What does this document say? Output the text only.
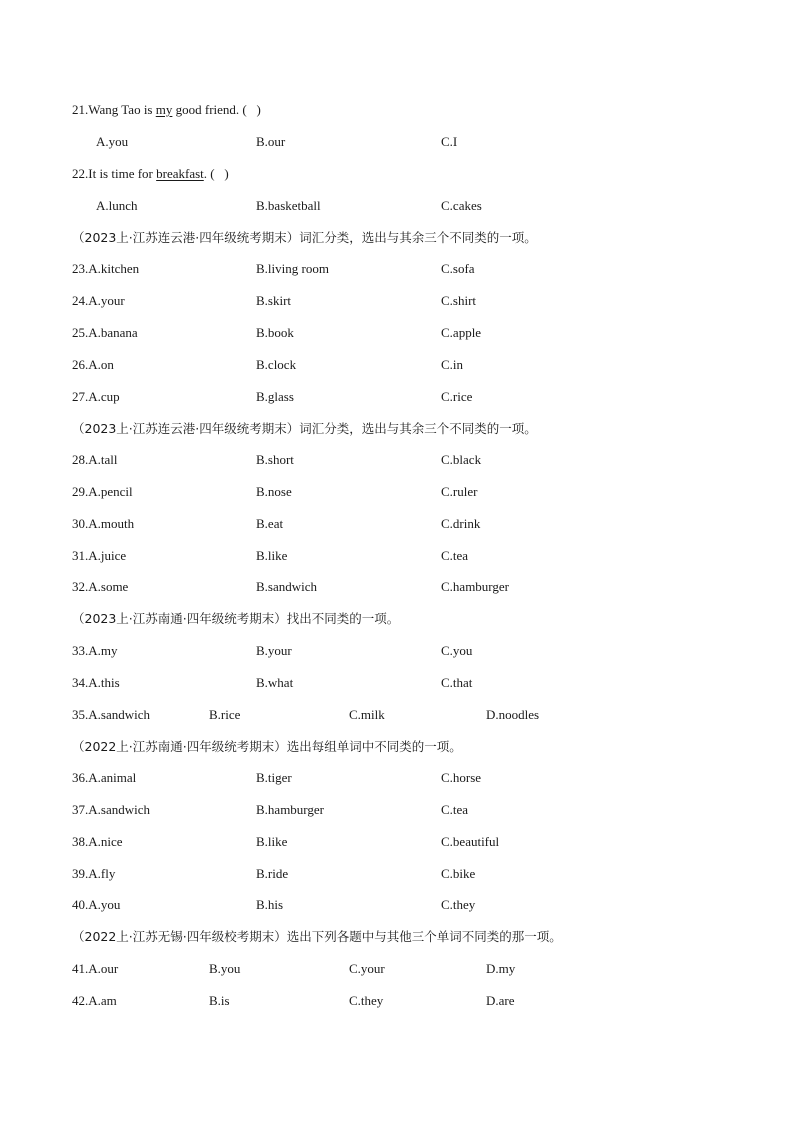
21.Wang Tao is my good friend. (   )
A.you	B.our	C.I
22.It is time for breakfast. (   )
A.lunch	B.basketball	C.cakes
（2023上·江苏连云港·四年级统考期末）词汇分类，选出与其余三个不同类的一项。
23.A.kitchen	B.living room	C.sofa
24.A.your	B.skirt	C.shirt
25.A.banana	B.book	C.apple
26.A.on	B.clock	C.in
27.A.cup	B.glass	C.rice
（2023上·江苏连云港·四年级统考期末）词汇分类，选出与其余三个不同类的一项。
28.A.tall	B.short	C.black
29.A.pencil	B.nose	C.ruler
30.A.mouth	B.eat	C.drink
31.A.juice	B.like	C.tea
32.A.some	B.sandwich	C.hamburger
（2023上·江苏南通·四年级统考期末）找出不同类的一项。
33.A.my	B.your	C.you
34.A.this	B.what	C.that
35.A.sandwich	B.rice	C.milk	D.noodles
（2022上·江苏南通·四年级统考期末）选出每组单词中不同类的一项。
36.A.animal	B.tiger	C.horse
37.A.sandwich	B.hamburger	C.tea
38.A.nice	B.like	C.beautiful
39.A.fly	B.ride	C.bike
40.A.you	B.his	C.they
（2022上·江苏无锡·四年级校考期末）选出下列各题中与其他三个单词不同类的那一项。
41.A.our	B.you	C.your	D.my
42.A.am	B.is	C.they	D.are
